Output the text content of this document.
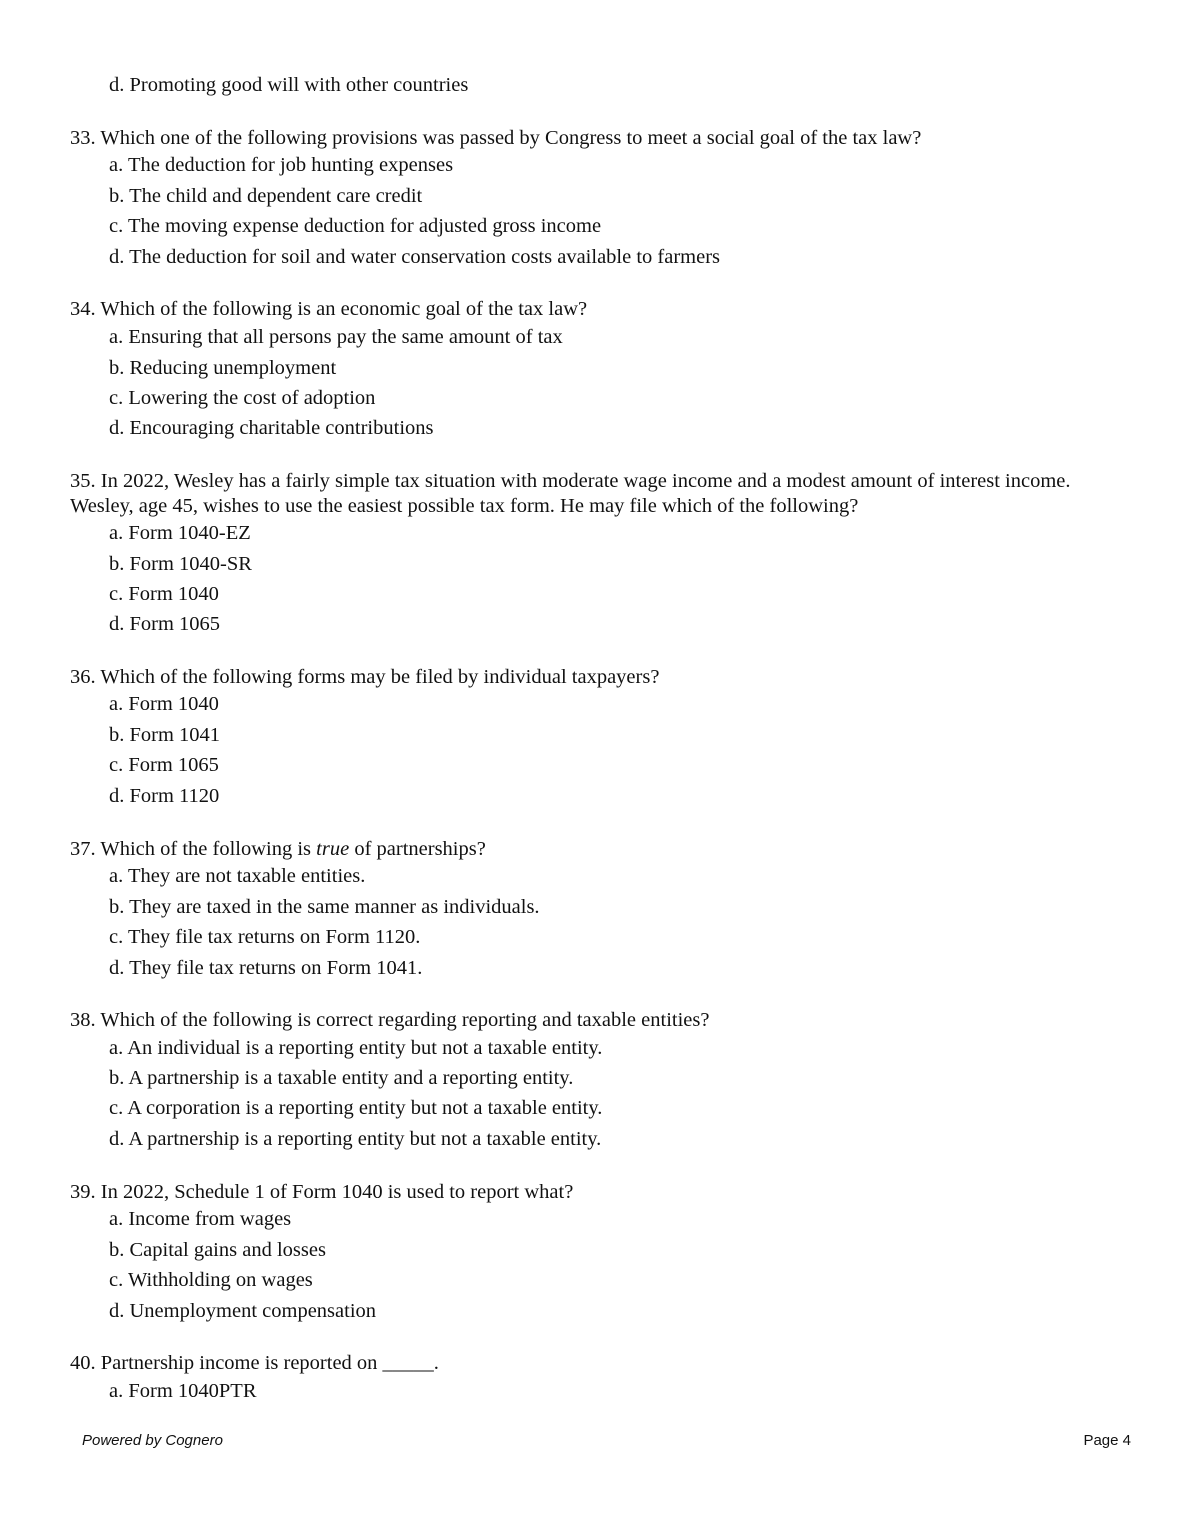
d. Promoting good will with other countries
33. Which one of the following provisions was passed by Congress to meet a social goal of the tax law?
a. The deduction for job hunting expenses
b. The child and dependent care credit
c. The moving expense deduction for adjusted gross income
d. The deduction for soil and water conservation costs available to farmers
34. Which of the following is an economic goal of the tax law?
a. Ensuring that all persons pay the same amount of tax
b. Reducing unemployment
c. Lowering the cost of adoption
d. Encouraging charitable contributions
35. In 2022, Wesley has a fairly simple tax situation with moderate wage income and a modest amount of interest income.
Wesley, age 45, wishes to use the easiest possible tax form. He may file which of the following?
a. Form 1040-EZ
b. Form 1040-SR
c. Form 1040
d. Form 1065
36. Which of the following forms may be filed by individual taxpayers?
a. Form 1040
b. Form 1041
c. Form 1065
d. Form 1120
37. Which of the following is true of partnerships?
a. They are not taxable entities.
b. They are taxed in the same manner as individuals.
c. They file tax returns on Form 1120.
d. They file tax returns on Form 1041.
38. Which of the following is correct regarding reporting and taxable entities?
a. An individual is a reporting entity but not a taxable entity.
b. A partnership is a taxable entity and a reporting entity.
c. A corporation is a reporting entity but not a taxable entity.
d. A partnership is a reporting entity but not a taxable entity.
39. In 2022, Schedule 1 of Form 1040 is used to report what?
a. Income from wages
b. Capital gains and losses
c. Withholding on wages
d. Unemployment compensation
40. Partnership income is reported on _____.
a. Form 1040PTR
Powered by Cognero	Page 4
